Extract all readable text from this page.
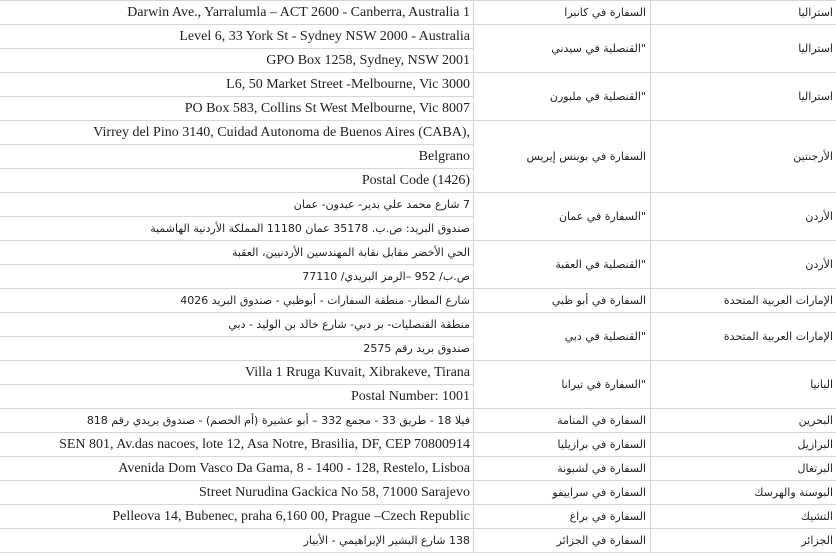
Darwin Ave., Yarralumla – ACT 2600 - Canberra, Australia 1	السفارة في كانبرا	استراليا

Level 6, 33 York St - Sydney NSW 2000 - Australia
GPO Box 1258, Sydney, NSW 2001	"القنصلية في سيدني	استراليا

L6, 50 Market Street -Melbourne, Vic 3000
PO Box 583, Collins St West Melbourne, Vic 8007	"القنصلية في ملبورن	استراليا

Virrey del Pino 3140, Cuidad Autonoma de Buenos Aires (CABA),
Belgrano
Postal Code (1426)	السفارة في بوينس إيريس	الأرجنتين

7 شارع محمد علي بدير- عبدون- عمان
صندوق البريد: ص.ب. 35178 عمان 11180 المملكة الأردنية الهاشمية	"السفارة في عمان	الأردن

الحي الأخضر مقابل نقابة المهندسين الأردنيين، العقبة
ص.ب/ 952 –الرمز البريدي/ 77110	"القنصلية في العقبة	الأردن

شارع المطار- منطقة السفارات - أبوظبي - صندوق البريد 4026	السفارة في أبو ظبي	الإمارات العربية المتحدة

منطقة القنصليات- بر دبي- شارع خالد بن الوليد - دبي
صندوق بريد رقم 2575	"القنصلية في دبي	الإمارات العربية المتحدة

Villa 1 Rruga Kuvait, Xibrakeve, Tirana
Postal Number: 1001	"السفارة في تيرانا	البانيا

فيلا 18 - طريق 33 - مجمع 332 – أبو عشيرة (أم الحصم) - صندوق بريدي رقم 818	السفارة في المنامة	البحرين

SEN 801, Av.das nacoes, lote 12, Asa Notre, Brasilia, DF, CEP 70800914	السفارة في برازيليا	البرازيل

Avenida Dom Vasco Da Gama, 8 - 1400 - 128, Restelo, Lisboa	السفارة في لشبونة	البرتغال

Street Nurudina Gackica No 58, 71000 Sarajevo	السفارة في سراييفو	البوسنة والهرسك

Pelleova 14, Bubenec, praha 6,160 00, Prague –Czech Republic	السفارة في براغ	التشيك

138 شارع البشير الإبراهيمي - الأبيار	السفارة في الجزائر	الجزائر
